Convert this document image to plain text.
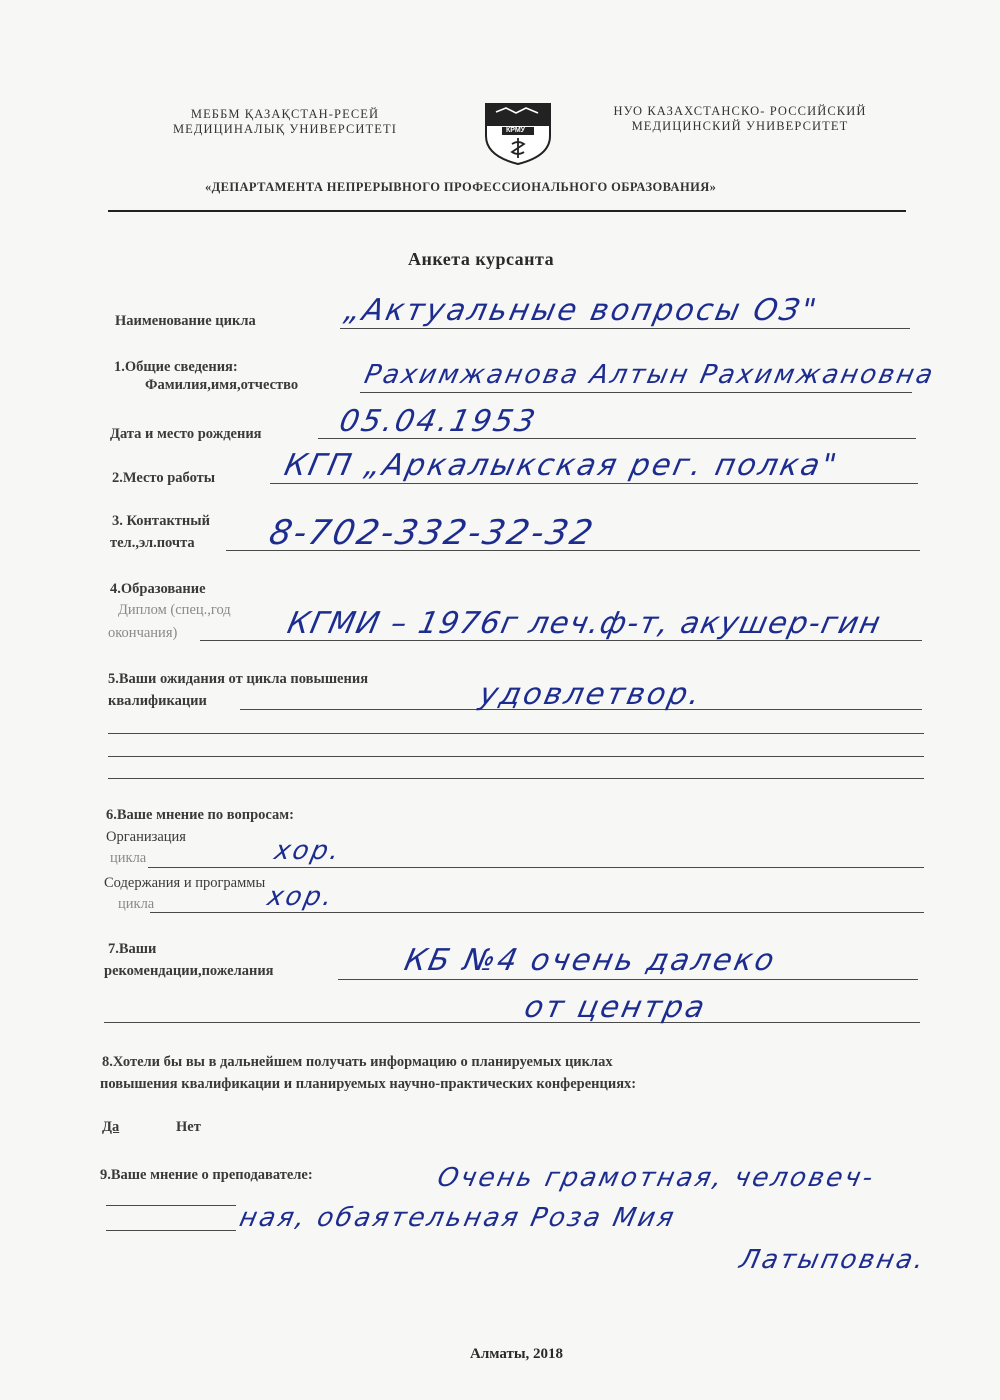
МЕББМ ҚАЗАҚСТАН-РЕСЕЙ
МЕДИЦИНАЛЫҚ УНИВЕРСИТЕТІ	КРМУ
НУО КАЗАХСТАНСКО- РОССИЙСКИЙ
МЕДИЦИНСКИЙ УНИВЕРСИТЕТ
«ДЕПАРТАМЕНТА НЕПРЕРЫВНОГО ПРОФЕССИОНАЛЬНОГО ОБРАЗОВАНИЯ»
Анкета курсанта
Наименование цикла	„Актуальные вопросы ОЗ"
1.Общие сведения:
Фамилия,имя,отчество Рахимжанова Алтын Рахимжановна
Дата и место рождения 05.04.1953
2.Место работы КГП „Аркалыкская рег. полка"
3. Контактный
тел.,эл.почта 8-702-332-32-32
4.Образование
Диплом (спец.,год
окончания)	КГМИ – 1976г леч.ф-т, акушер-гин
5.Ваши ожидания от цикла повышения
квалификации	удовлетвор.
6.Ваше мнение по вопросам:
Организация
цикла	хор.
Содержания и программы
цикла	хор.
7.Ваши
рекомендации,пожелания	КБ №4 очень далеко
от центра
8.Хотели бы вы в дальнейшем получать информацию о планируемых циклах
повышения квалификации и планируемых научно-практических конференциях:
Да	Нет
9.Ваше мнение о преподавателе:	Очень грамотная, человеч-
ная, обаятельная Роза Мия
Латыповна.
Алматы, 2018
